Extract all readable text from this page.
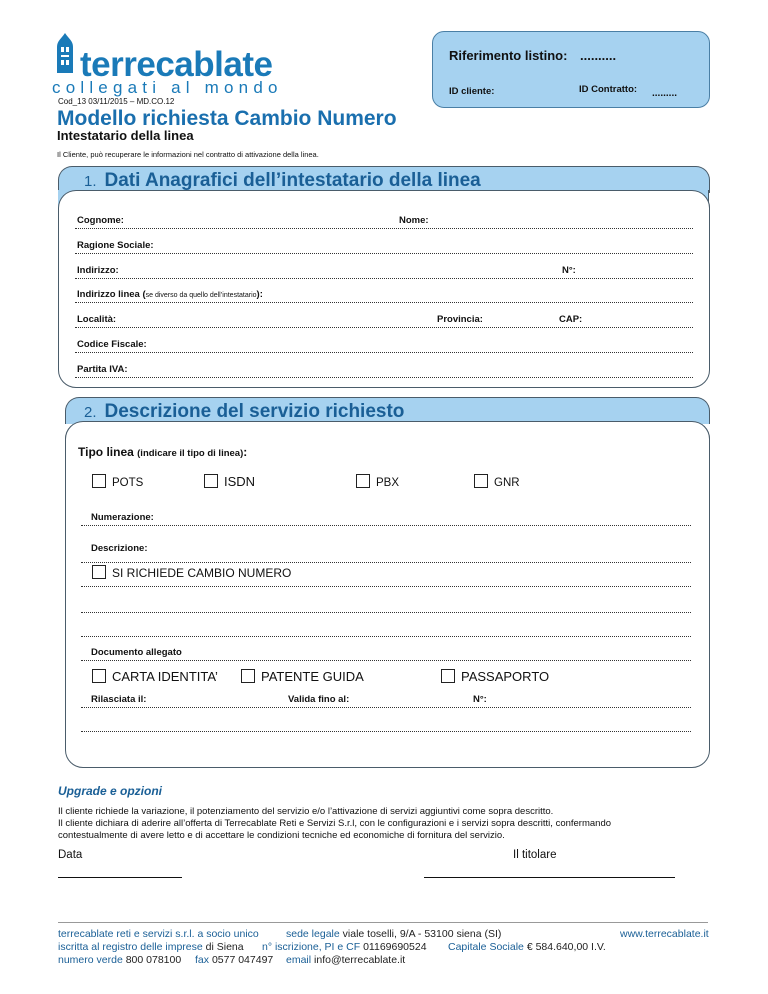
terrecablate
collegati al mondo
Cod_13 03/11/2015 – MD.CO.12
Riferimento listino: ..........
ID cliente:	ID Contratto: .........
Modello richiesta Cambio Numero
Intestatario della linea
Il Cliente, può recuperare le informazioni nel contratto di attivazione della linea.
1. Dati Anagrafici dell’intestatario della linea
Cognome:	Nome:
Ragione Sociale:
Indirizzo:	N°:
Indirizzo linea (se diverso da quello dell’intestatario):
Località:	Provincia:	CAP:
Codice Fiscale:
Partita IVA:
2. Descrizione del servizio richiesto
Tipo linea (indicare il tipo di linea):
POTS	ISDN	PBX	GNR
Numerazione:
Descrizione:
SI RICHIEDE CAMBIO NUMERO
Documento allegato
CARTA IDENTITA’	PATENTE GUIDA	PASSAPORTO
Rilasciata il:	Valida fino al:	N°:
Upgrade e opzioni
Il cliente richiede la variazione, il potenziamento del servizio e/o l’attivazione di servizi aggiuntivi come sopra descritto.
Il cliente dichiara di aderire all’offerta di Terrecablate Reti e Servizi S.r.l, con le configurazioni e i servizi sopra descritti, confermando
contestualmente di avere letto e di accettare le condizioni tecniche ed economiche di fornitura del servizio.
Data	Il titolare
terrecablate reti e servizi s.r.l. a socio unico	sede legale viale toselli, 9/A - 53100 siena (SI)	www.terrecablate.it
iscritta al registro delle imprese di Siena n° iscrizione, PI e CF 01169690524 Capitale Sociale € 584.640,00 I.V.
numero verde 800 078100 fax 0577 047497 email info@terrecablate.it
